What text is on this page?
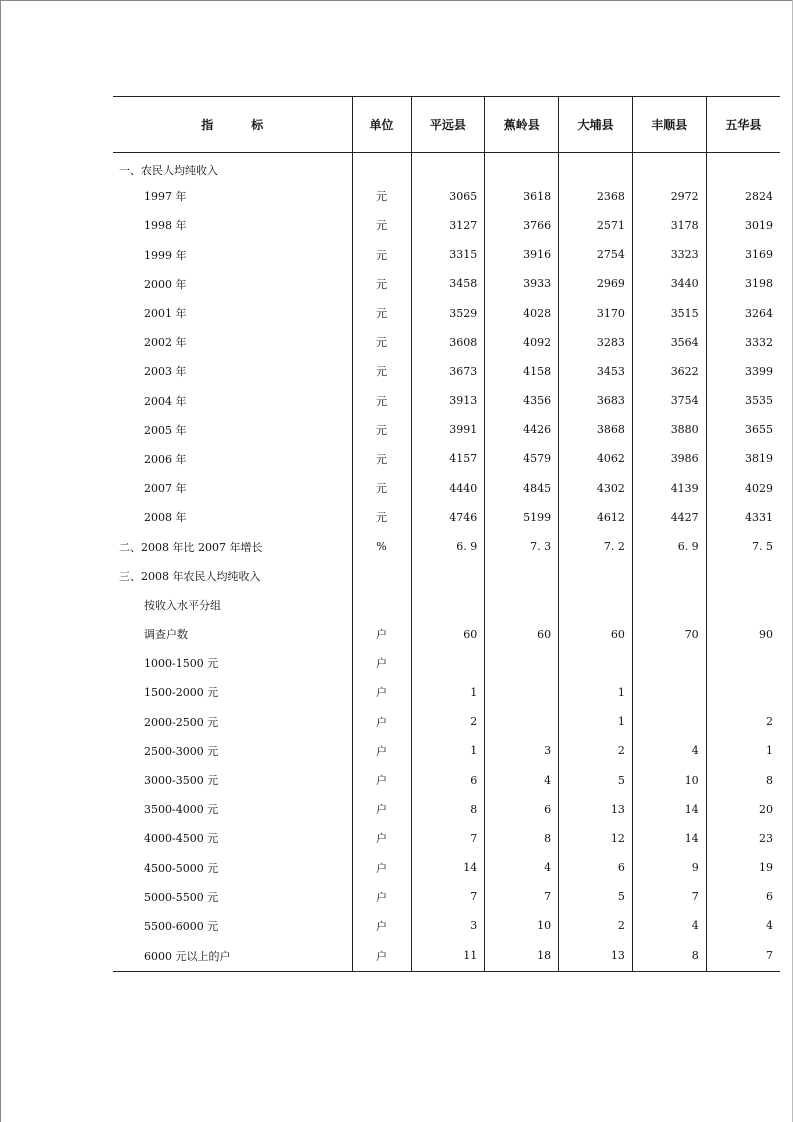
指 标	单位	平远县	蕉岭县	大埔县	丰顺县	五华县
一、农民人均纯收入						
1997 年	元	3065	3618	2368	2972	2824
1998 年	元	3127	3766	2571	3178	3019
1999 年	元	3315	3916	2754	3323	3169
2000 年	元	3458	3933	2969	3440	3198
2001 年	元	3529	4028	3170	3515	3264
2002 年	元	3608	4092	3283	3564	3332
2003 年	元	3673	4158	3453	3622	3399
2004 年	元	3913	4356	3683	3754	3535
2005 年	元	3991	4426	3868	3880	3655
2006 年	元	4157	4579	4062	3986	3819
2007 年	元	4440	4845	4302	4139	4029
2008 年	元	4746	5199	4612	4427	4331
二、2008 年比 2007 年增长	%	6. 9	7. 3	7. 2	6. 9	7. 5
三、2008 年农民人均纯收入						
按收入水平分组						
调查户数	户	60	60	60	70	90
1000-1500 元	户					
1500-2000 元	户	1		1		
2000-2500 元	户	2		1		2
2500-3000 元	户	1	3	2	4	1
3000-3500 元	户	6	4	5	10	8
3500-4000 元	户	8	6	13	14	20
4000-4500 元	户	7	8	12	14	23
4500-5000 元	户	14	4	6	9	19
5000-5500 元	户	7	7	5	7	6
5500-6000 元	户	3	10	2	4	4
6000 元以上的户	户	11	18	13	8	7
